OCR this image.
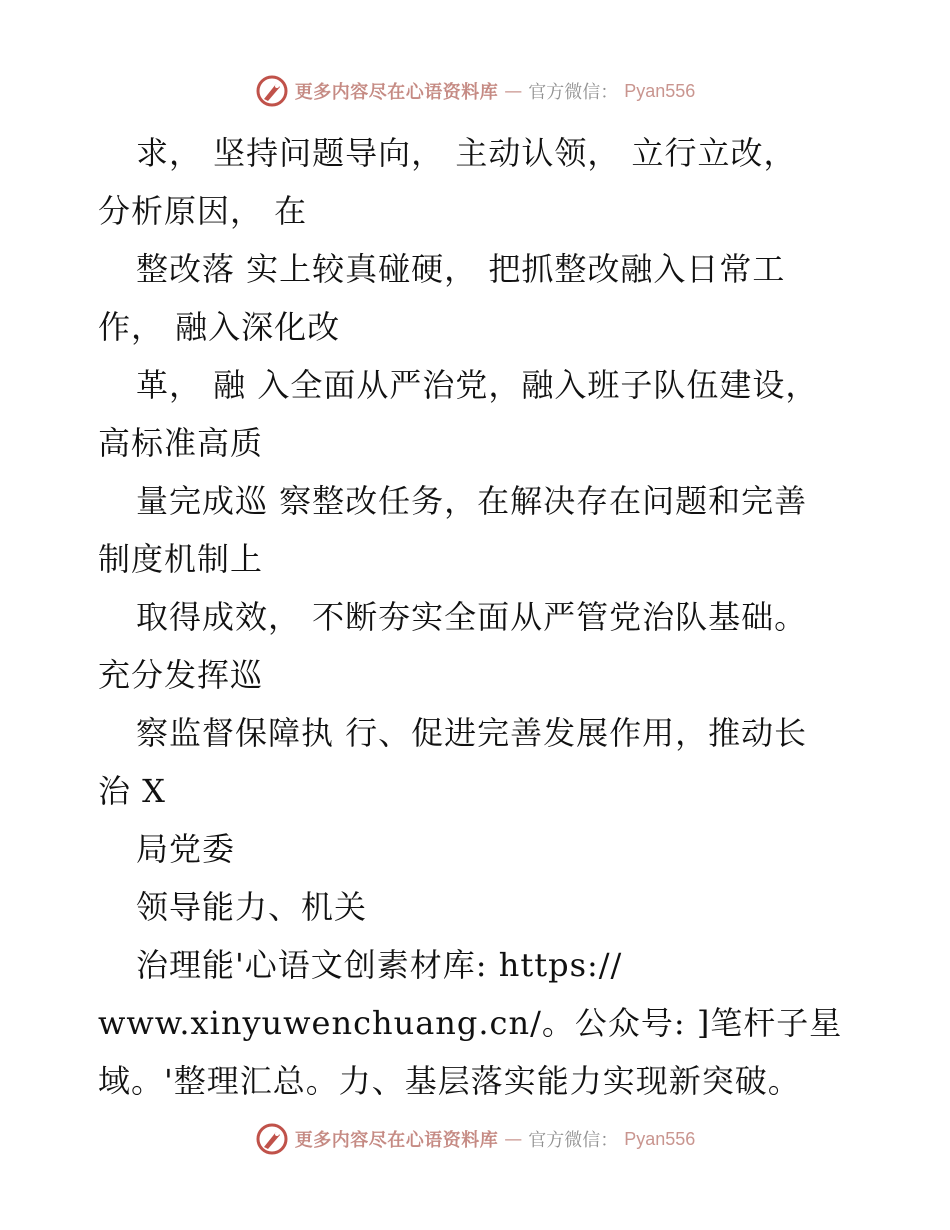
更多内容尽在心语资料库 — 官方微信： Pyan556
求， 坚持问题导向， 主动认领， 立行立改，
分析原因， 在
整改落 实上较真碰硬， 把抓整改融入日常工
作， 融入深化改
革， 融 入全面从严治党，融入班子队伍建设，
高标准高质
量完成巡 察整改任务，在解决存在问题和完善
制度机制上
取得成效， 不断夯实全面从严管党治队基础。
充分发挥巡
察监督保障执 行、促进完善发展作用，推动长
治 X
局党委
领导能力、机关
治理能'心语文创素材库: https://
www.xinyuwenchuang.cn/。公众号: ]笔杆子星
域。'整理汇总。力、基层落实能力实现新突破。
更多内容尽在心语资料库 — 官方微信： Pyan556
